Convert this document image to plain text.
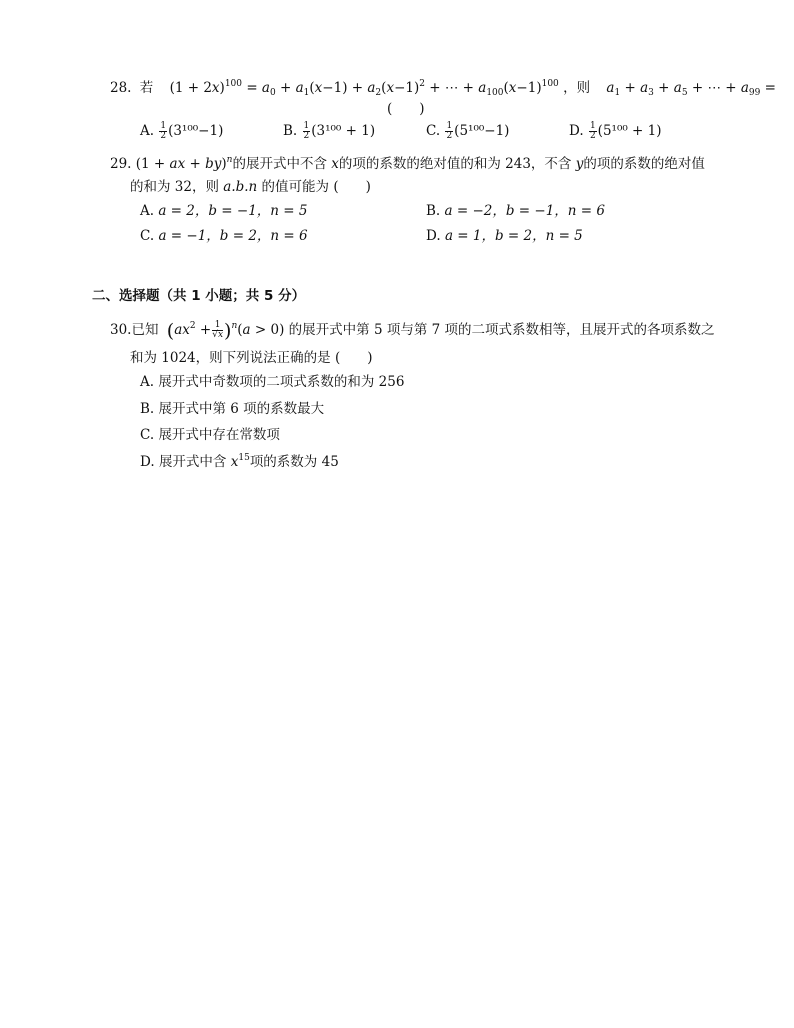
28. 若 $(1 + 2x)^{100} = a_0 + a_1(x-1) + a_2(x-1)^2$ + ⋯ + $a_{100}(x-1)^{100}$ ，则 $a_1 + a_3 + a_5$ + ⋯ + $a_{99}$ =
(　　)
A. $\frac{1}{2} (3^{100}-1)$	B. $\frac{1}{2} (3^{100} + 1)$	C. $\frac{1}{2} (5^{100}-1)$	D. $\frac{1}{2} (5^{100} + 1)$
29. (1 + ax + by)$^n$的展开式中不含 x的项的系数的绝对值的和为 243，不含 y的项的系数的绝对值
的和为 32，则 a.b.n 的值可能为 (　　)
A. a = 2，b = −1，n = 5	B. a = −2，b = −1，n = 6
C. a = −1，b = 2，n = 6	D. a = 1，b = 2，n = 5
二、选择题（共 1 小题；共 5 分）
30.已知 $(ax^2 + \frac{1}{√x} )^n(a > 0)$ 的展开式中第 5 项与第 7 项的二项式系数相等，且展开式的各项系数之
和为 1024，则下列说法正确的是 (　　)
A. 展开式中奇数项的二项式系数的和为 256
B. 展开式中第 6 项的系数最大
C. 展开式中存在常数项
D. 展开式中含 $x^{15}$项的系数为 45
